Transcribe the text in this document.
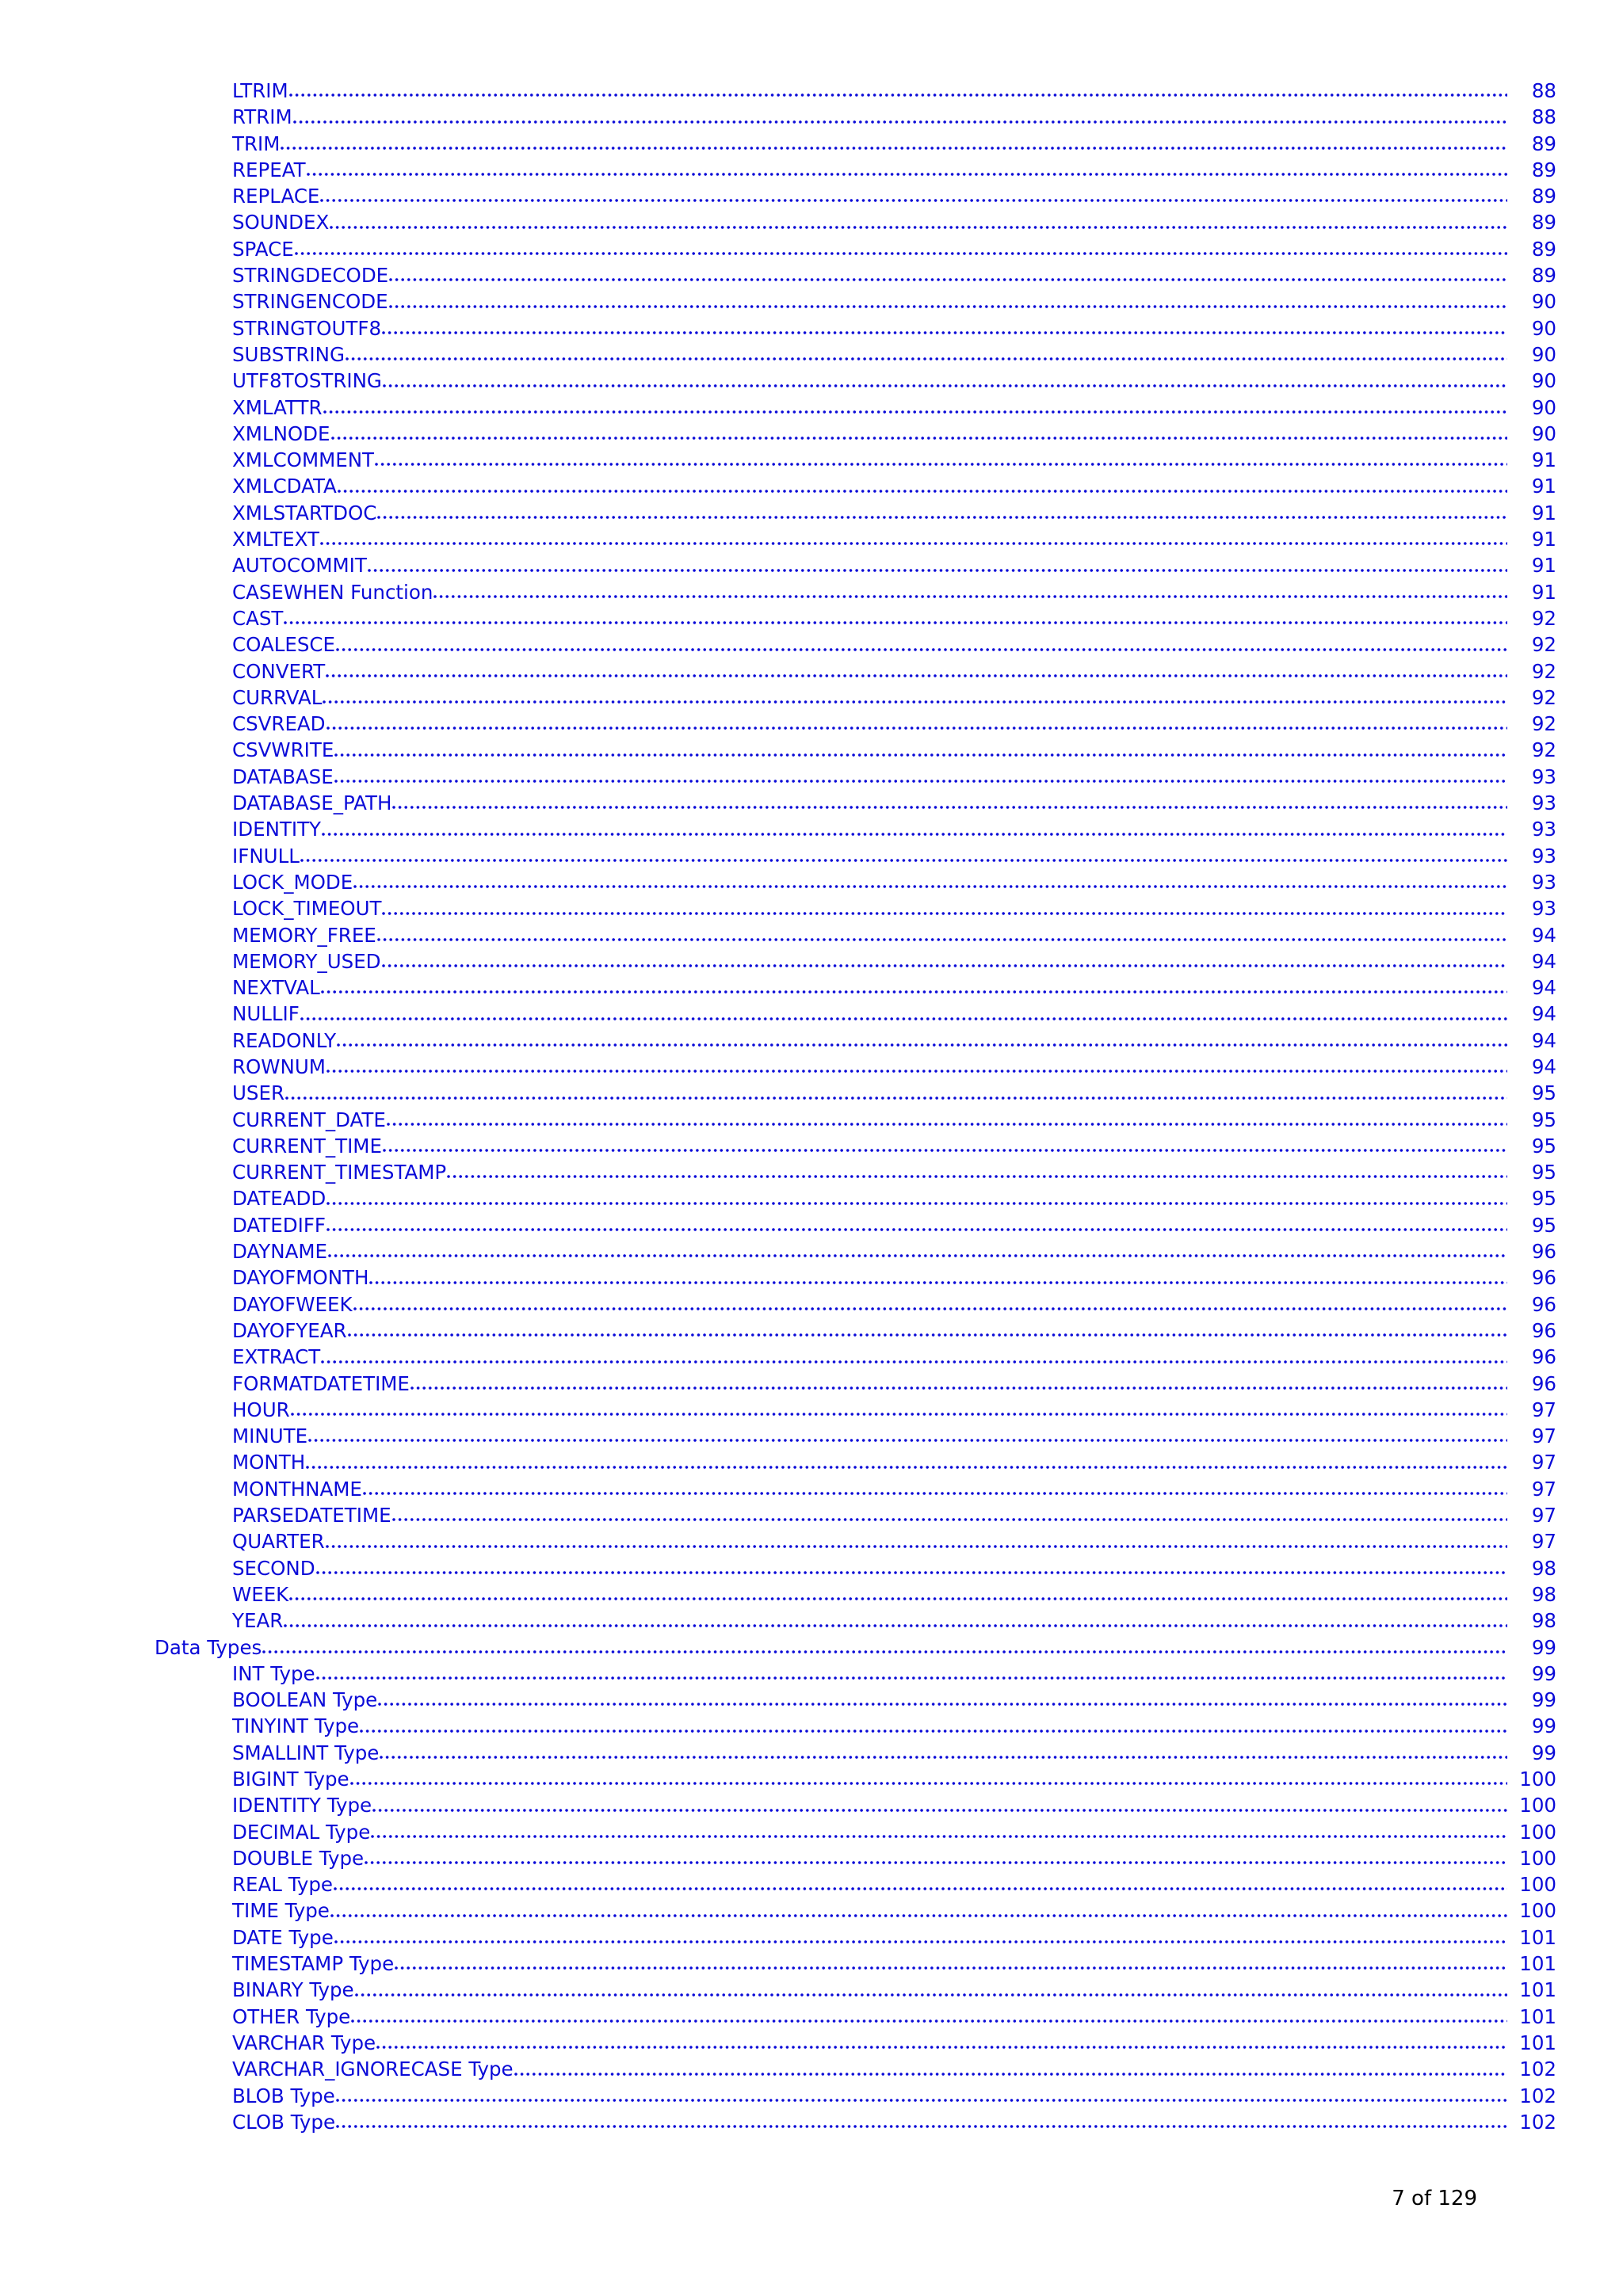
LTRIM	88
RTRIM	88
TRIM	89
REPEAT	89
REPLACE	89
SOUNDEX	89
SPACE	89
STRINGDECODE	89
STRINGENCODE	90
STRINGTOUTF8	90
SUBSTRING	90
UTF8TOSTRING	90
XMLATTR	90
XMLNODE	90
XMLCOMMENT	91
XMLCDATA	91
XMLSTARTDOC	91
XMLTEXT	91
AUTOCOMMIT	91
CASEWHEN Function	91
CAST	92
COALESCE	92
CONVERT	92
CURRVAL	92
CSVREAD	92
CSVWRITE	92
DATABASE	93
DATABASE_PATH	93
IDENTITY	93
IFNULL	93
LOCK_MODE	93
LOCK_TIMEOUT	93
MEMORY_FREE	94
MEMORY_USED	94
NEXTVAL	94
NULLIF	94
READONLY	94
ROWNUM	94
USER	95
CURRENT_DATE	95
CURRENT_TIME	95
CURRENT_TIMESTAMP	95
DATEADD	95
DATEDIFF	95
DAYNAME	96
DAYOFMONTH	96
DAYOFWEEK	96
DAYOFYEAR	96
EXTRACT	96
FORMATDATETIME	96
HOUR	97
MINUTE	97
MONTH	97
MONTHNAME	97
PARSEDATETIME	97
QUARTER	97
SECOND	98
WEEK	98
YEAR	98
Data Types	99
INT Type	99
BOOLEAN Type	99
TINYINT Type	99
SMALLINT Type	99
BIGINT Type	100
IDENTITY Type	100
DECIMAL Type	100
DOUBLE Type	100
REAL Type	100
TIME Type	100
DATE Type	101
TIMESTAMP Type	101
BINARY Type	101
OTHER Type	101
VARCHAR Type	101
VARCHAR_IGNORECASE Type	102
BLOB Type	102
CLOB Type	102
7 of 129
